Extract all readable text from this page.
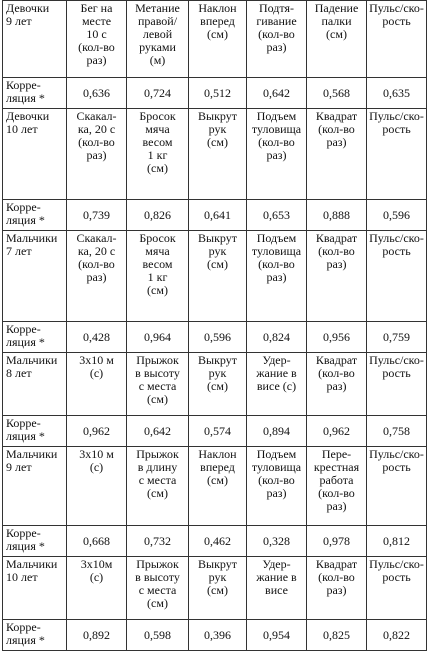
Девочки
9 лет	Бег на
месте
10 с
(кол-во
раз)	Метание
правой/
левой
руками
(м)	Наклон
вперед
(см)	Подтя-
гивание
(кол-во
раз)	Падение
палки
(см)	Пульс/ско-
рость
Корре-
ляция *	0,636	0,724	0,512	0,642	0,568	0,635
Девочки
10 лет	Скакал-
ка, 20 с
(кол-во
раз)	Бросок
мяча
весом
1 кг
(см)	Выкрут
рук
(см)	Подъем
туловища
(кол-во
раз)	Квадрат
(кол-во
раз)	Пульс/ско-
рость
Корре-
ляция *	0,739	0,826	0,641	0,653	0,888	0,596
Мальчики
7 лет	Скакал-
ка, 20 с
(кол-во
раз)	Бросок
мяча
весом
1 кг
(см)	Выкрут
рук
(см)	Подъем
туловища
(кол-во
раз)	Квадрат
(кол-во
раз)	Пульс/ско-
рость
Корре-
ляция *	0,428	0,964	0,596	0,824	0,956	0,759
Мальчики
8 лет	3х10 м
(с)	Прыжок
в высоту
с места
(см)	Выкрут
рук
(см)	Удер-
жание в
висе (с)	Квадрат
(кол-во
раз)	Пульс/ско-
рость
Корре-
ляция *	0,962	0,642	0,574	0,894	0,962	0,758
Мальчики
9 лет	3х10 м
(с)	Прыжок
в длину
с места
(см)	Наклон
вперед
(см)	Подъем
туловища
(кол-во
раз)	Пере-
крестная
работа
(кол-во
раз)	Пульс/ско-
рость
Корре-
ляция *	0,668	0,732	0,462	0,328	0,978	0,812
Мальчики
10 лет	3х10м
(с)	Прыжок
в высоту
с места
(см)	Выкрут
рук
(см)	Удер-
жание в
висе	Квадрат
(кол-во
раз)	Пульс/ско-
рость
Корре-
ляция *	0,892	0,598	0,396	0,954	0,825	0,822
